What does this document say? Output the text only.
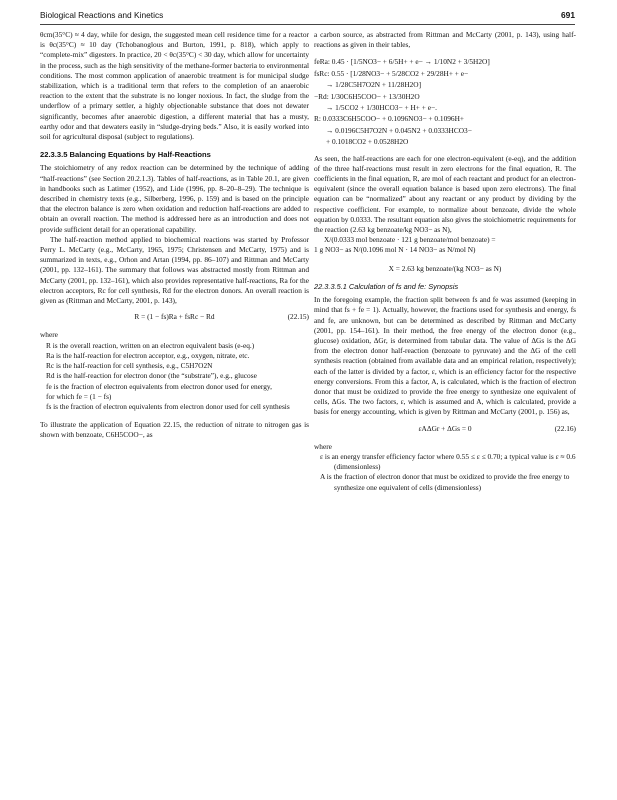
Biological Reactions and Kinetics	691

θcm(35°C) ≈ 4 day, while for design, the suggested mean cell residence time for a reactor is θc(35°C) ≈ 10 day (Tchobanoglous and Burton, 1991, p. 818), which apply to “complete-mix” digesters. In practice, 20 < θc(35°C) < 30 day, which allow for uncertainty in the process, such as the high sensitivity of the methane-former bacteria to environmental conditions. The most common application of anaerobic treatment is for municipal sludge stabilization, which is a traditional term that refers to the completion of an anaerobic reaction to the extent that the substrate is no longer noxious. In fact, the sludge from the underflow of a primary settler, a highly objectionable substance that does not dewater significantly, becomes after anaerobic digestion, a different material that has a musty, earthy odor and that dewaters easily in “sludge-drying beds.” Also, it is easily worked into soil for agricultural disposal (subject to regulations).

22.3.3.5 Balancing Equations by Half-Reactions

The stoichiometry of any redox reaction can be determined by the technique of adding “half-reactions” (see Section 20.2.1.3). Tables of half-reactions, as in Table 20.1, are given in handbooks such as Latimer (1952), and Lide (1996, pp. 8–20–8–29). The technique is described in chemistry texts (e.g., Silberberg, 1996, p. 159) and is based on the principle that the electron balance is zero when oxidation and reduction half-reactions are added to obtain an overall reaction. The method is addressed here as an introduction and does not provide sufficient detail for an operational capability.

The half-reaction method applied to biochemical reactions was started by Professor Perry L. McCarty (e.g., McCarty, 1965, 1975; Christensen and McCarty, 1975) and is summarized in texts, e.g., Orhon and Artan (1994, pp. 86–107) and Rittman and McCarty (2001, pp. 132–161). The summary that follows was abstracted mostly from Rittman and McCarty (2001, pp. 132–161), which also provides representative half-reactions, Ra for the electron acceptors, Rc for cell synthesis, Rd for the electron donors. An overall reaction is given as (Rittman and McCarty, 2001, p. 143),

R = (1 − fs)Ra + fsRc − Rd	(22.15)
where
R is the overall reaction, written on an electron equivalent basis (e-eq.)
Ra is the half-reaction for electron acceptor, e.g., oxygen, nitrate, etc.
Rc is the half-reaction for cell synthesis, e.g., C5H7O2N
Rd is the half-reaction for electron donor (the “substrate”), e.g., glucose
fe is the fraction of electron equivalents from electron donor used for energy,
for which fe = (1 − fs)
fs is the fraction of electron equivalents from electron donor used for cell synthesis

To illustrate the application of Equation 22.15, the reduction of nitrate to nitrogen gas is shown with benzoate, C6H5COO−, as

a carbon source, as abstracted from Rittman and McCarty (2001, p. 143), using half-reactions as given in their tables,

feRa: 0.45 · [1/5NO3− + 6/5H+ + e− → 1/10N2 + 3/5H2O]
fsRc: 0.55 · [1/28NO3− + 5/28CO2 + 29/28H+ + e−
→ 1/28C5H7O2N + 11/28H2O]
−Rd: 1/30C6H5COO− + 13/30H2O
→ 1/5CO2 + 1/30HCO3− + H+ + e−.
R: 0.0333C6H5COO− + 0.1096NO3− + 0.1096H+
→ 0.0196C5H7O2N + 0.045N2 + 0.0333HCO3−
+ 0.1018CO2 + 0.0528H2O

As seen, the half-reactions are each for one electron-equivalent (e-eq), and the addition of the three half-reactions must result in zero electrons for the final equation, R. The coefficients in the final equation, R, are mol of each reactant and product for an electron-equivalent (since the overall equation balance is based upon zero electrons). The final equation can be “normalized” about any reactant or any product by dividing by the respective coefficient. For example, to normalize about benzoate, divide the whole equation by 0.0333. The resultant equation also gives the stoichiometric requirements for the reaction (2.63 kg benzoate/kg NO3− as N),

X/(0.0333 mol benzoate · 121 g benzoate/mol benzoate) =

1 g NO3− as N/(0.1096 mol N · 14 NO3− as N/mol N)

X = 2.63 kg benzoate/(kg NO3− as N)
22.3.3.5.1 Calculation of fs and fe: Synopsis

In the foregoing example, the fraction split between fs and fe was assumed (keeping in mind that fs + fe = 1). Actually, however, the fractions used for synthesis and energy, fs and fe, are unknown, but can be determined as described by Rittman and McCarty (2001, pp. 154–161). In their method, the free energy of the electron donor (e.g., glucose) oxidation, ΔGr, is determined from tabular data. The value of ΔGs is the ΔG from the electron donor half-reaction (benzoate to pyruvate) and the ΔG of the cell synthesis reaction (obtained from available data and an empirical relation, respectively); each of the latter is divided by a factor, ε, which is an efficiency factor for the respective energy conversions. From this a factor, A, is calculated, which is the fraction of electron donor that must be oxidized to provide the free energy to synthesize one equivalent of cells, ΔGs. The two factors, ε, which is assumed and A, which is calculated, provide a basis for energy accounting, which is given by Rittman and McCarty (2001, p. 156) as,

εAΔGr + ΔGs = 0	(22.16)
where
ε is an energy transfer efficiency factor where 0.55 ≤ ε ≤ 0.70; a typical value is ε ≈ 0.6 (dimensionless)
A is the fraction of electron donor that must be oxidized to provide the free energy to synthesize one equivalent of cells (dimensionless)
